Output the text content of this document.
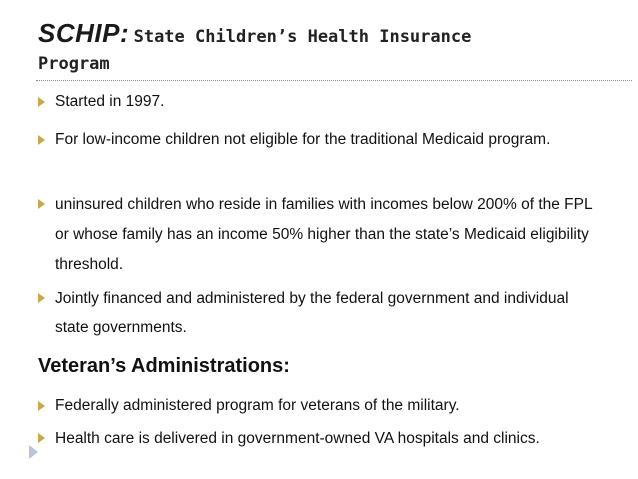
SCHIP: State Children’s Health Insurance
Program
Started in 1997.
For low-income children not eligible for the traditional Medicaid program.
uninsured children who reside in families with incomes below 200% of the FPL or whose family has an income 50% higher than the state’s Medicaid eligibility threshold.
Jointly financed and administered by the federal government and individual state governments.
Veteran’s Administrations:
Federally administered program for veterans of the military.
Health care is delivered in government-owned VA hospitals and clinics.
